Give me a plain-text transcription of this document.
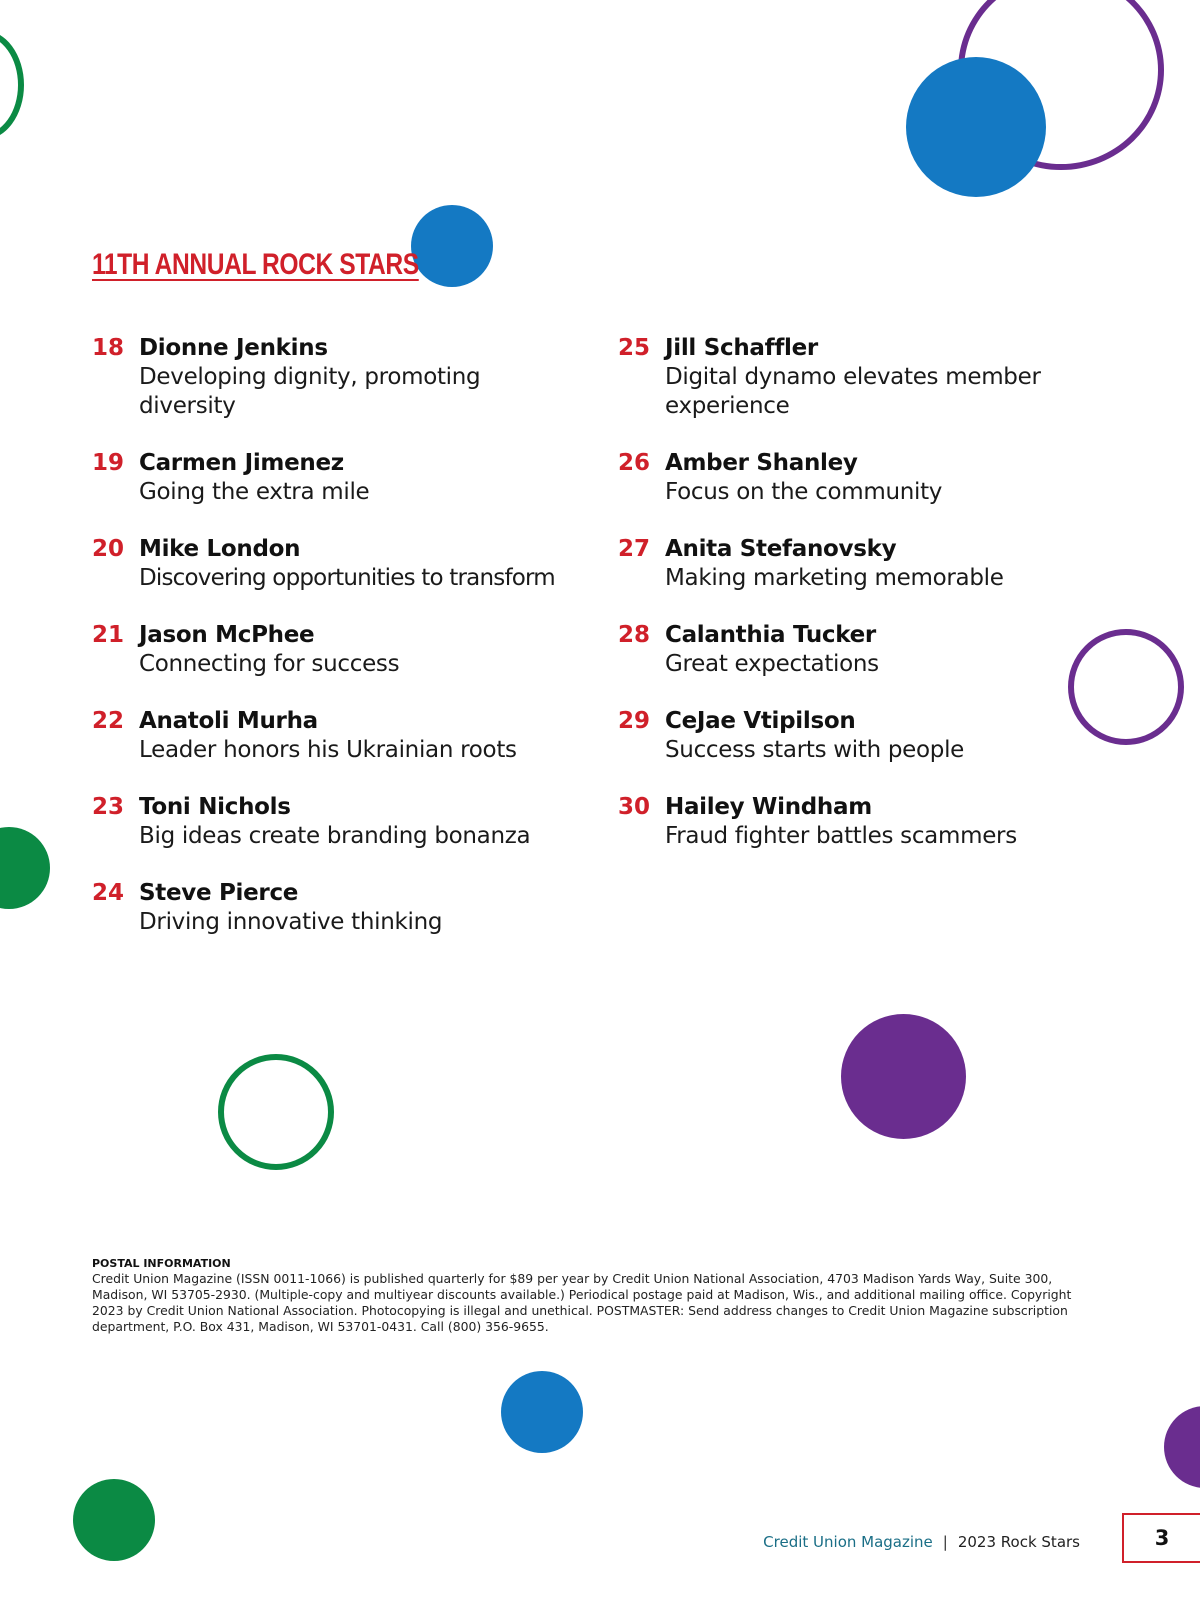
11TH ANNUAL ROCK STARS
18 Dionne Jenkins
Developing dignity, promoting diversity
19 Carmen Jimenez
Going the extra mile
20 Mike London
Discovering opportunities to transform
21 Jason McPhee
Connecting for success
22 Anatoli Murha
Leader honors his Ukrainian roots
23 Toni Nichols
Big ideas create branding bonanza
24 Steve Pierce
Driving innovative thinking
25 Jill Schaffler
Digital dynamo elevates member experience
26 Amber Shanley
Focus on the community
27 Anita Stefanovsky
Making marketing memorable
28 Calanthia Tucker
Great expectations
29 CeJae Vtipilson
Success starts with people
30 Hailey Windham
Fraud fighter battles scammers
POSTAL INFORMATION
Credit Union Magazine (ISSN 0011-1066) is published quarterly for $89 per year by Credit Union National Association, 4703 Madison Yards Way, Suite 300, Madison, WI 53705-2930. (Multiple-copy and multiyear discounts available.) Periodical postage paid at Madison, Wis., and additional mailing office. Copyright 2023 by Credit Union National Association. Photocopying is illegal and unethical. POSTMASTER: Send address changes to Credit Union Magazine subscription department, P.O. Box 431, Madison, WI 53701-0431. Call (800) 356-9655.
Credit Union Magazine | 2023 Rock Stars	3
